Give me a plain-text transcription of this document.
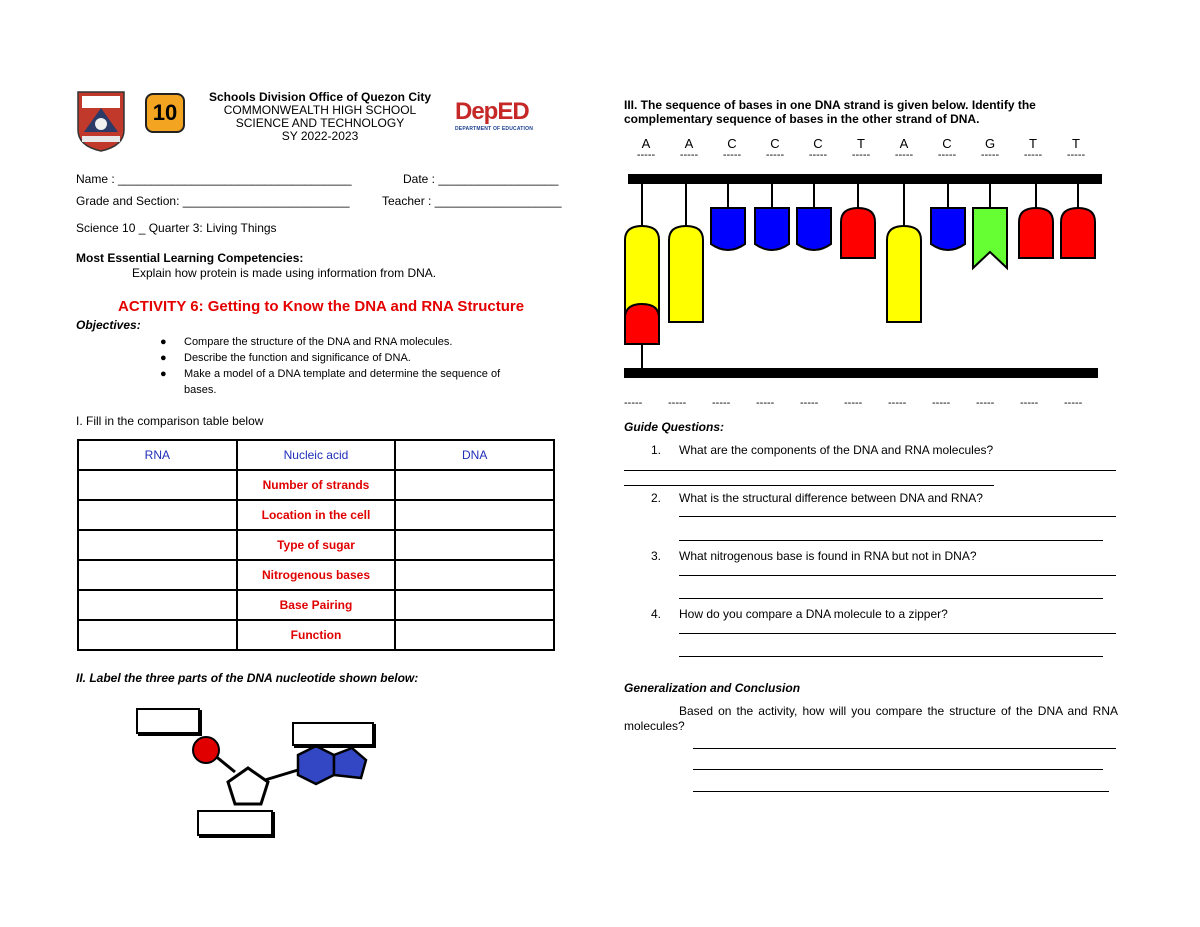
10
Schools Division Office of Quezon City
COMMONWEALTH HIGH SCHOOL
SCIENCE AND TECHNOLOGY
SY 2022-2023
DepED
DEPARTMENT OF EDUCATION
Name : ___________________________________	Date : __________________
Grade and Section: _________________________	Teacher : ___________________
Science 10 _ Quarter 3: Living Things
Most Essential Learning Competencies:
Explain how protein is made using information from DNA.
ACTIVITY 6: Getting to Know the DNA and RNA Structure
Objectives:
●	Compare the structure of the DNA and RNA molecules.
●	Describe the function and significance of DNA.
●	Make a model of a DNA template and determine the sequence of bases.
I. Fill in the comparison table below
RNA	Nucleic acid	DNA
	Number of strands	
	Location in the cell	
	Type of sugar	
	Nitrogenous bases	
	Base Pairing	
	Function	
II. Label the three parts of the DNA nucleotide shown below:
III. The sequence of bases in one DNA strand is given below. Identify the complementary sequence of bases in the other strand of DNA.
A
-----
A
-----
C
-----
C
-----
C
-----
T
-----
A
-----
C
-----
G
-----
T
-----
T
-----
----- ----- ----- ----- ----- ----- ----- ----- ----- ----- -----
Guide Questions:
1. What are the components of the DNA and RNA molecules?
2. What is the structural difference between DNA and RNA?
3. What nitrogenous base is found in RNA but not in DNA?
4. How do you compare a DNA molecule to a zipper?
Generalization and Conclusion
Based on the activity, how will you compare the structure of the DNA and RNA molecules?
